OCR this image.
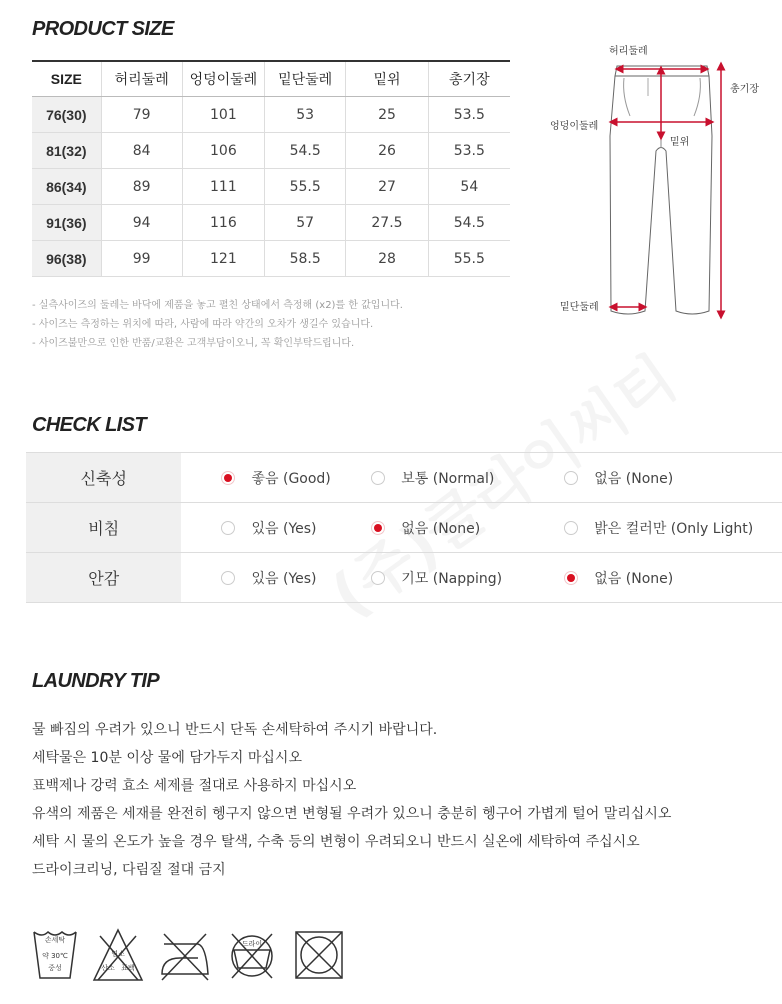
PRODUCT SIZE
SIZE	허리둘레	엉덩이둘레	밑단둘레	밑위	총기장
76(30)	79	101	53	25	53.5
81(32)	84	106	54.5	26	53.5
86(34)	89	111	55.5	27	54
91(36)	94	116	57	27.5	54.5
96(38)	99	121	58.5	28	55.5
- 실측사이즈의 둘레는 바닥에 제품을 놓고 펼친 상태에서 측정해 (x2)를 한 값입니다.
- 사이즈는 측정하는 위치에 따라, 사람에 따라 약간의 오차가 생길수 있습니다.
- 사이즈불만으로 인한 반품/교환은 고객부담이오니, 꼭 확인부탁드립니다.
허리둘레
총기장
엉덩이둘레
밑위
밑단둘레
CHECK LIST
신축성	좋음 (Good)	보통 (Normal)	없음 (None)
비침	있음 (Yes)	없음 (None)	밝은 컬러만 (Only Light)
안감	있음 (Yes)	기모 (Napping)	없음 (None)
LAUNDRY TIP
물 빠짐의 우려가 있으니 반드시 단독 손세탁하여 주시기 바랍니다.
세탁물은 10분 이상 물에 담가두지 마십시오
표백제나 강력 효소 세제를 절대로 사용하지 마십시오
유색의 제품은 세재를 완전히 헹구지 않으면 변형될 우려가 있으니 충분히 헹구어 가볍게 털어 말리십시오
세탁 시 물의 온도가 높을 경우 탈색, 수축 등의 변형이 우려되오니 반드시 실온에 세탁하여 주십시오
드라이크리닝, 다림질 절대 금지
손세탁
약 30℃
중성
염소
산소 표백
드라이
